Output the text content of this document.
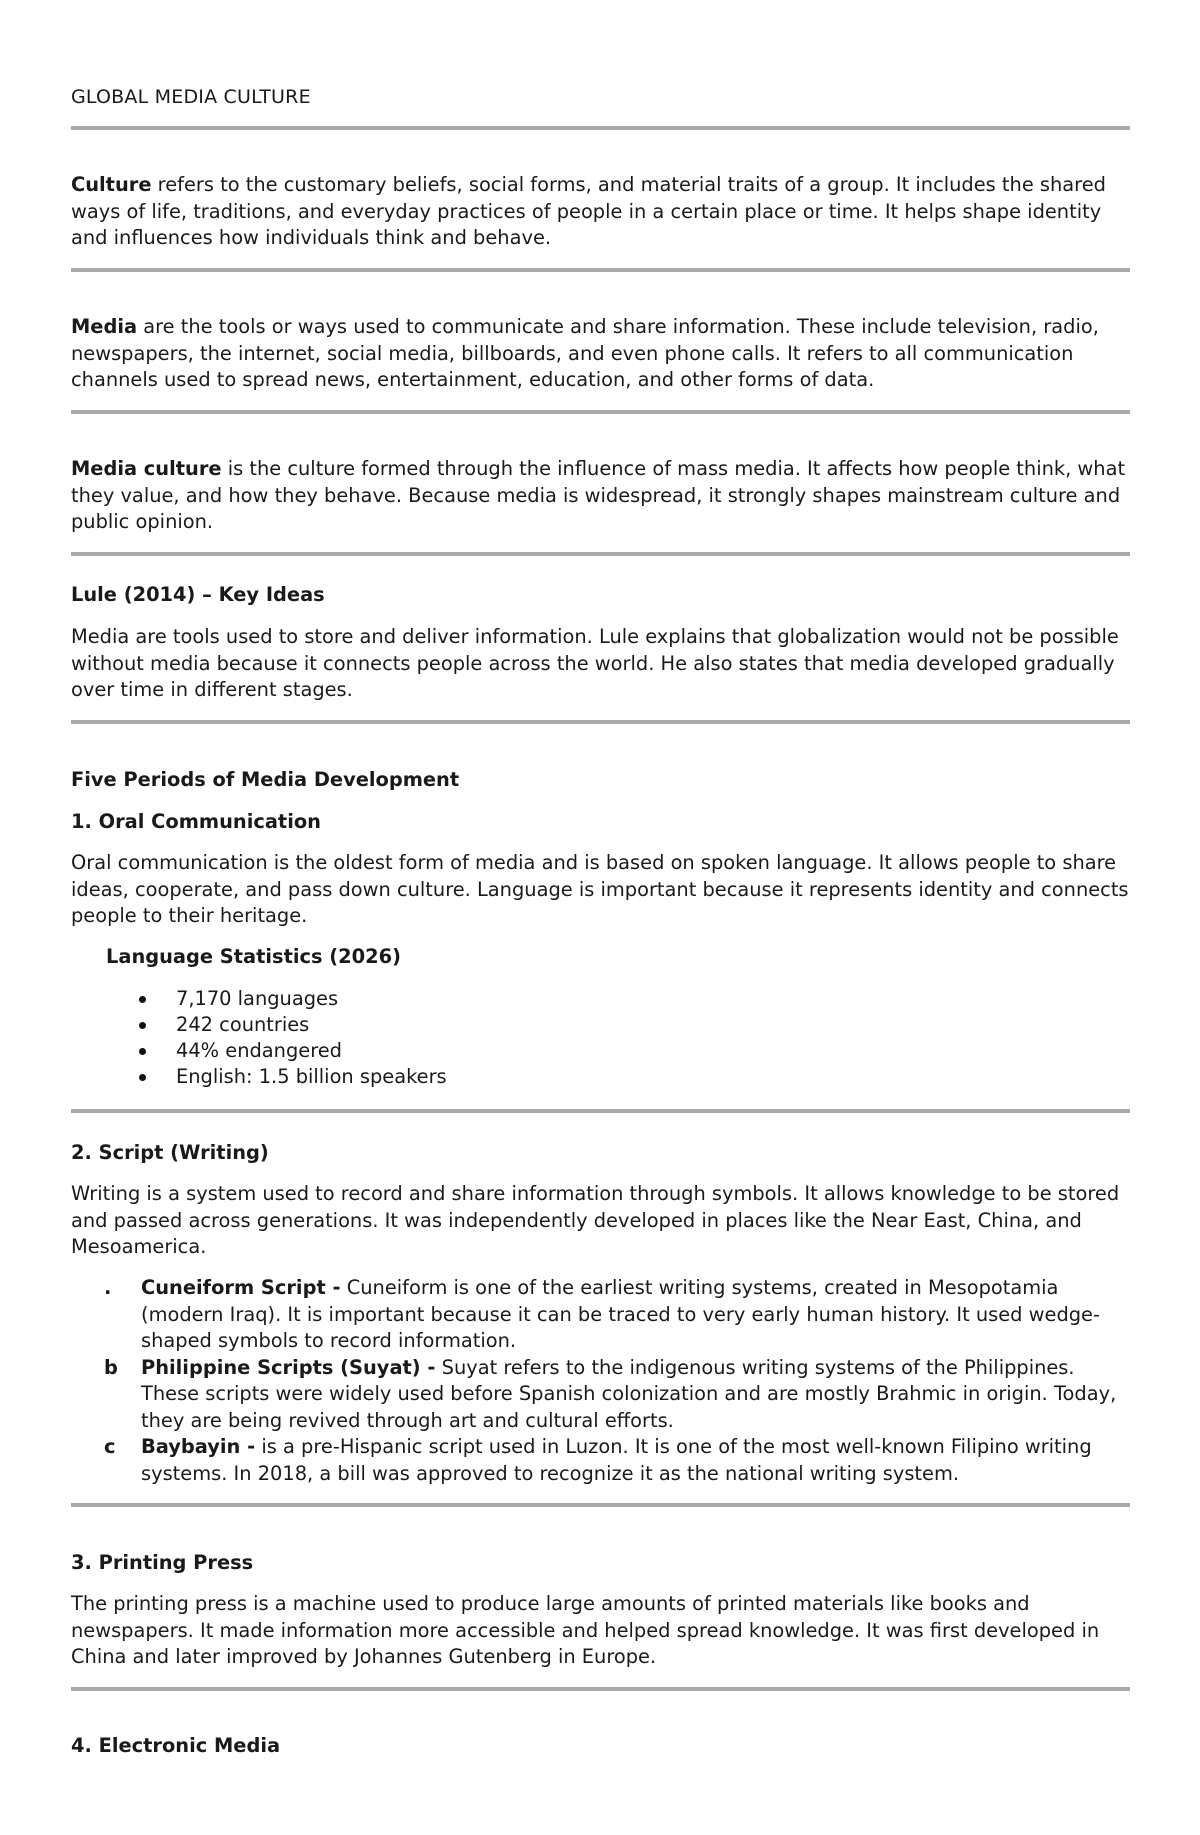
GLOBAL MEDIA CULTURE

Culture refers to the customary beliefs, social forms, and material traits of a group. It includes the shared ways of life, traditions, and everyday practices of people in a certain place or time. It helps shape identity and influences how individuals think and behave.

Media are the tools or ways used to communicate and share information. These include television, radio, newspapers, the internet, social media, billboards, and even phone calls. It refers to all communication channels used to spread news, entertainment, education, and other forms of data.

Media culture is the culture formed through the influence of mass media. It affects how people think, what they value, and how they behave. Because media is widespread, it strongly shapes mainstream culture and public opinion.

Lule (2014) – Key Ideas

Media are tools used to store and deliver information. Lule explains that globalization would not be possible without media because it connects people across the world. He also states that media developed gradually over time in different stages.

Five Periods of Media Development
1. Oral Communication

Oral communication is the oldest form of media and is based on spoken language. It allows people to share ideas, cooperate, and pass down culture. Language is important because it represents identity and connects people to their heritage.

Language Statistics (2026)
7,170 languages
242 countries
44% endangered
English: 1.5 billion speakers
2. Script (Writing)

Writing is a system used to record and share information through symbols. It allows knowledge to be stored and passed across generations. It was independently developed in places like the Near East, China, and Mesoamerica.

. Cuneiform Script - Cuneiform is one of the earliest writing systems, created in Mesopotamia (modern Iraq). It is important because it can be traced to very early human history. It used wedge-shaped symbols to record information.
b Philippine Scripts (Suyat) - Suyat refers to the indigenous writing systems of the Philippines. These scripts were widely used before Spanish colonization and are mostly Brahmic in origin. Today, they are being revived through art and cultural efforts.
c Baybayin - is a pre-Hispanic script used in Luzon. It is one of the most well-known Filipino writing systems. In 2018, a bill was approved to recognize it as the national writing system.
3. Printing Press

The printing press is a machine used to produce large amounts of printed materials like books and newspapers. It made information more accessible and helped spread knowledge. It was first developed in China and later improved by Johannes Gutenberg in Europe.

4. Electronic Media
